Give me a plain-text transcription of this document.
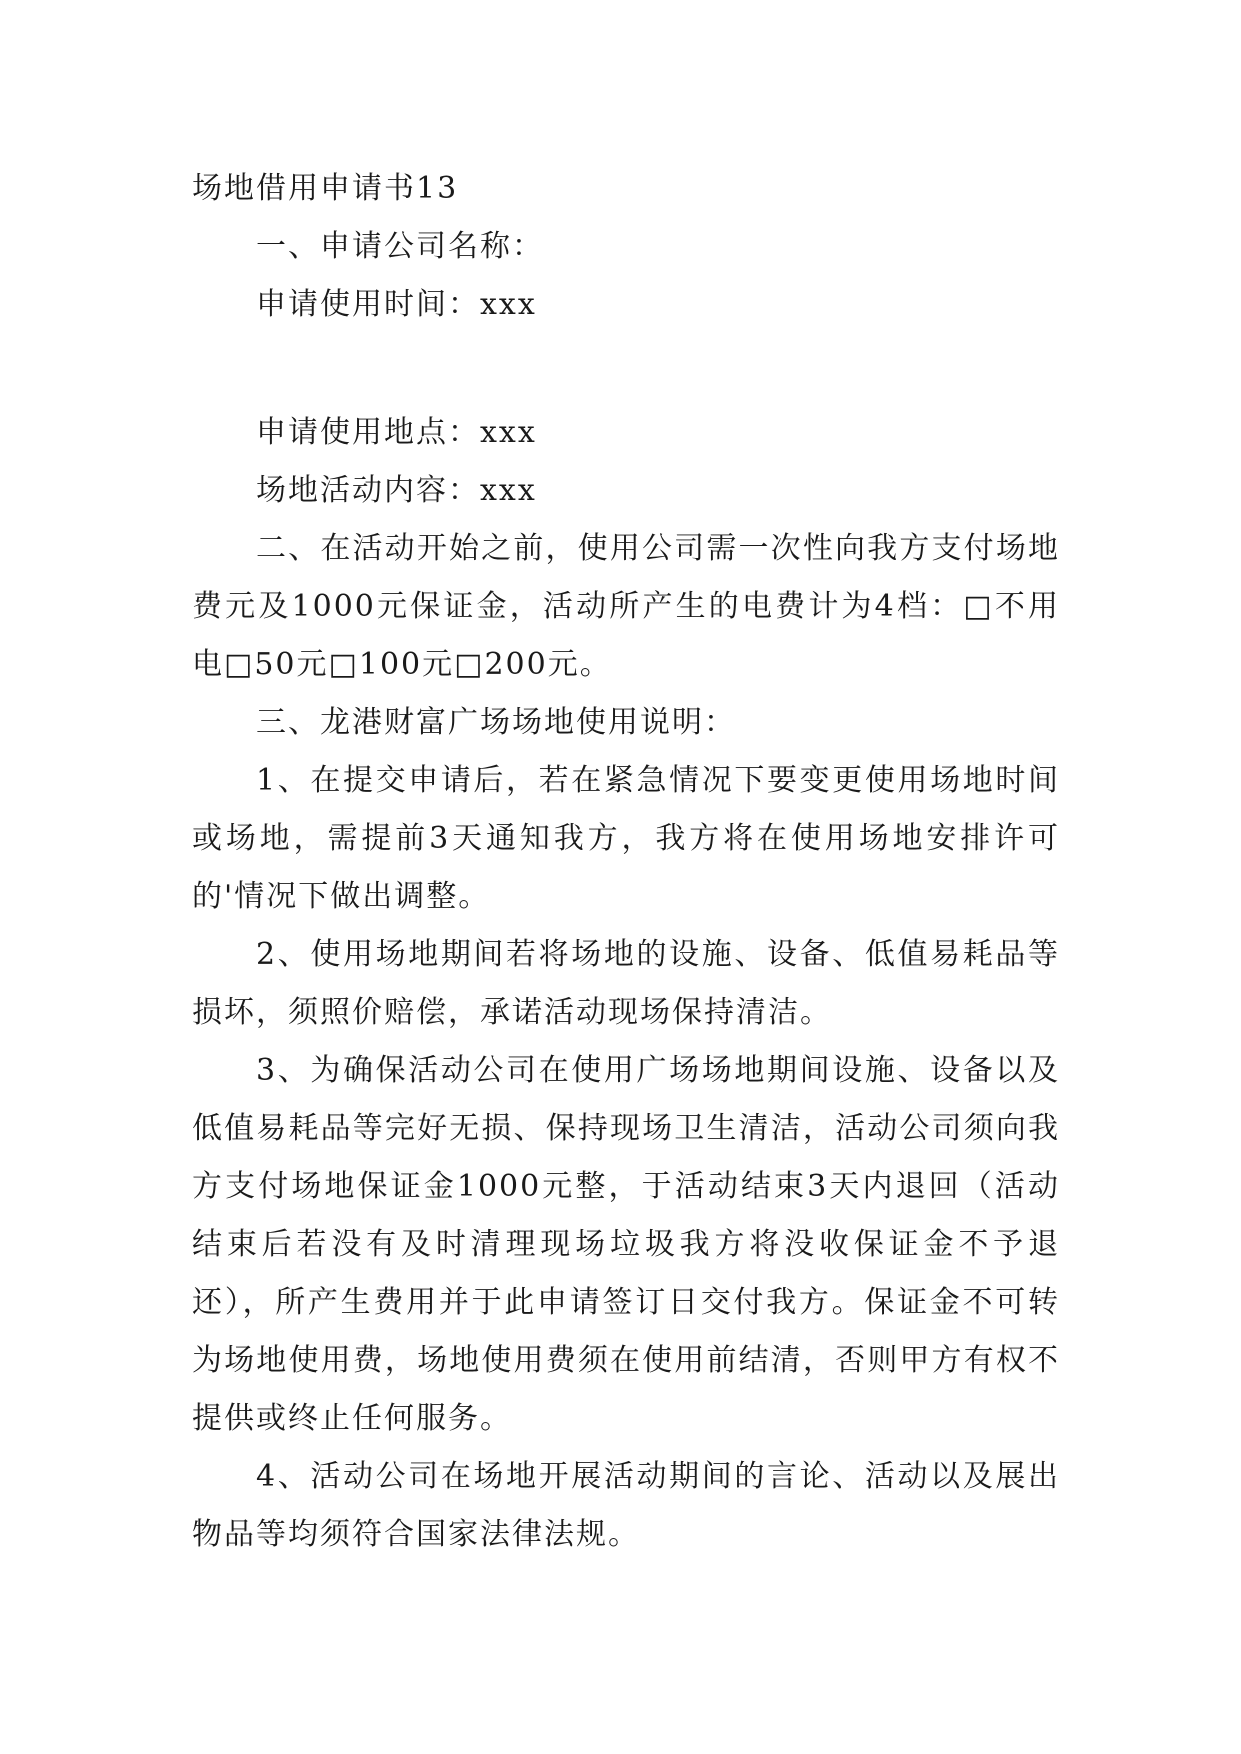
场地借用申请书13

一、申请公司名称：

申请使用时间：xxx

申请使用地点：xxx

场地活动内容：xxx

二、在活动开始之前，使用公司需一次性向我方支付场地费元及1000元保证金，活动所产生的电费计为4档：□不用电□50元□100元□200元。

三、龙港财富广场场地使用说明：

1、在提交申请后，若在紧急情况下要变更使用场地时间或场地，需提前3天通知我方，我方将在使用场地安排许可的'情况下做出调整。

2、使用场地期间若将场地的设施、设备、低值易耗品等损坏，须照价赔偿，承诺活动现场保持清洁。

3、为确保活动公司在使用广场场地期间设施、设备以及低值易耗品等完好无损、保持现场卫生清洁，活动公司须向我方支付场地保证金1000元整，于活动结束3天内退回（活动结束后若没有及时清理现场垃圾我方将没收保证金不予退还），所产生费用并于此申请签订日交付我方。保证金不可转为场地使用费，场地使用费须在使用前结清，否则甲方有权不提供或终止任何服务。

4、活动公司在场地开展活动期间的言论、活动以及展出物品等均须符合国家法律法规。
